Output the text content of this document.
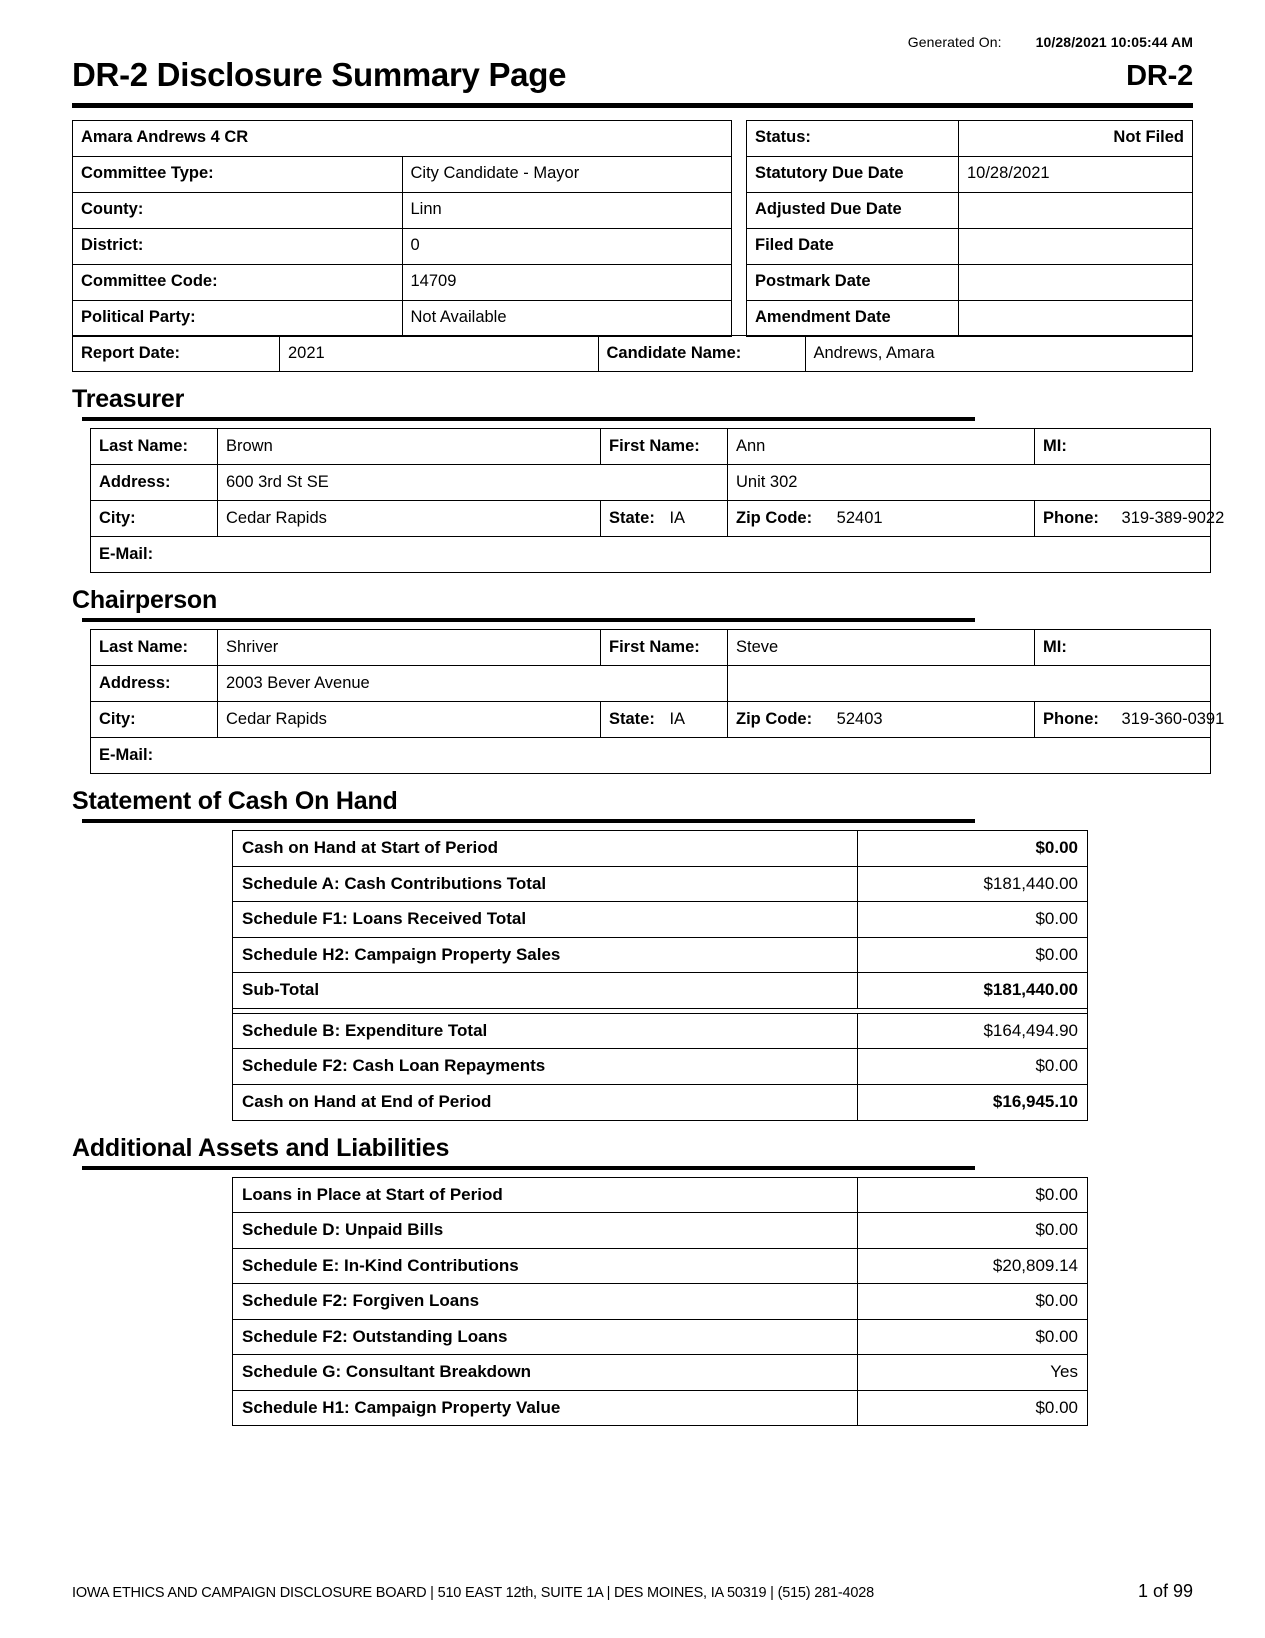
Generated On: 10/28/2021 10:05:44 AM
DR-2 Disclosure Summary Page	DR-2
Amara Andrews 4 CR	
Committee Type:	City Candidate - Mayor
County:	Linn
District:	0
Committee Code:	14709
Political Party:	Not Available
Status:	Not Filed
Statutory Due Date	10/28/2021
Adjusted Due Date	
Filed Date	
Postmark Date	
Amendment Date	
Report Date:	2021	Candidate Name:	Andrews, Amara
Treasurer
Last Name:	Brown	First Name:	Ann	MI:
Address:	600 3rd St SE		Unit 302	
City:	Cedar Rapids	State: IA	Zip Code: 52401	Phone: 319-389-9022
E-Mail:				
Chairperson
Last Name:	Shriver	First Name:	Steve	MI:
Address:	2003 Bever Avenue			
City:	Cedar Rapids	State: IA	Zip Code: 52403	Phone: 319-360-0391
E-Mail:				
Statement of Cash On Hand
Cash on Hand at Start of Period	$0.00
Schedule A: Cash Contributions Total	$181,440.00
Schedule F1: Loans Received Total	$0.00
Schedule H2: Campaign Property Sales	$0.00
Sub-Total	$181,440.00

Schedule B: Expenditure Total	$164,494.90
Schedule F2: Cash Loan Repayments	$0.00
Cash on Hand at End of Period	$16,945.10
Additional Assets and Liabilities
Loans in Place at Start of Period	$0.00
Schedule D: Unpaid Bills	$0.00
Schedule E: In-Kind Contributions	$20,809.14
Schedule F2: Forgiven Loans	$0.00
Schedule F2: Outstanding Loans	$0.00
Schedule G: Consultant Breakdown	Yes
Schedule H1: Campaign Property Value	$0.00
IOWA ETHICS AND CAMPAIGN DISCLOSURE BOARD | 510 EAST 12th, SUITE 1A | DES MOINES, IA 50319 | (515) 281-4028	1 of 99
